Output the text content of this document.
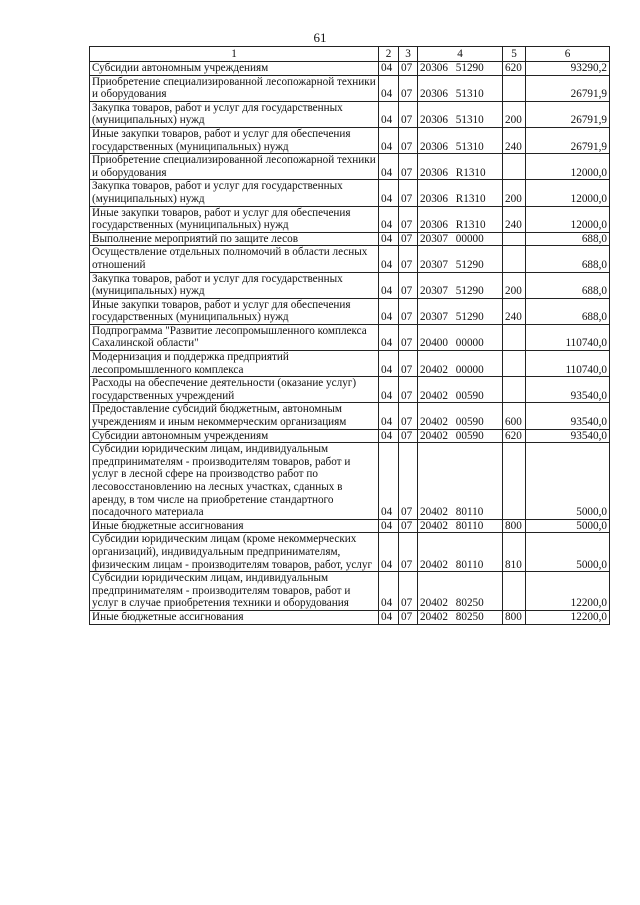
61
1	2	3	4	5	6
Субсидии автономным учреждениям	04	07	20306 51290	620	93290,2
Приобретение специализированной лесопожарной техники и оборудования	04	07	20306 51310		26791,9
Закупка товаров, работ и услуг для государственных (муниципальных) нужд	04	07	20306 51310	200	26791,9
Иные закупки товаров, работ и услуг для обеспечения государственных (муниципальных) нужд	04	07	20306 51310	240	26791,9
Приобретение специализированной лесопожарной техники и оборудования	04	07	20306 R1310		12000,0
Закупка товаров, работ и услуг для государственных (муниципальных) нужд	04	07	20306 R1310	200	12000,0
Иные закупки товаров, работ и услуг для обеспечения государственных (муниципальных) нужд	04	07	20306 R1310	240	12000,0
Выполнение мероприятий по защите лесов	04	07	20307 00000		688,0
Осуществление отдельных полномочий в области лесных отношений	04	07	20307 51290		688,0
Закупка товаров, работ и услуг для государственных (муниципальных) нужд	04	07	20307 51290	200	688,0
Иные закупки товаров, работ и услуг для обеспечения государственных (муниципальных) нужд	04	07	20307 51290	240	688,0
Подпрограмма "Развитие лесопромышленного комплекса Сахалинской области"	04	07	20400 00000		110740,0
Модернизация и поддержка предприятий лесопромышленного комплекса	04	07	20402 00000		110740,0
Расходы на обеспечение деятельности (оказание услуг) государственных учреждений	04	07	20402 00590		93540,0
Предоставление субсидий бюджетным, автономным учреждениям и иным некоммерческим организациям	04	07	20402 00590	600	93540,0
Субсидии автономным учреждениям	04	07	20402 00590	620	93540,0
Субсидии юридическим лицам, индивидуальным предпринимателям - производителям товаров, работ и услуг в лесной сфере на производство работ по лесовосстановлению на лесных участках, сданных в аренду, в том числе на приобретение стандартного посадочного материала	04	07	20402 80110		5000,0
Иные бюджетные ассигнования	04	07	20402 80110	800	5000,0
Субсидии юридическим лицам (кроме некоммерческих организаций), индивидуальным предпринимателям, физическим лицам - производителям товаров, работ, услуг	04	07	20402 80110	810	5000,0
Субсидии юридическим лицам, индивидуальным предпринимателям - производителям товаров, работ и услуг в случае приобретения техники и оборудования	04	07	20402 80250		12200,0
Иные бюджетные ассигнования	04	07	20402 80250	800	12200,0
